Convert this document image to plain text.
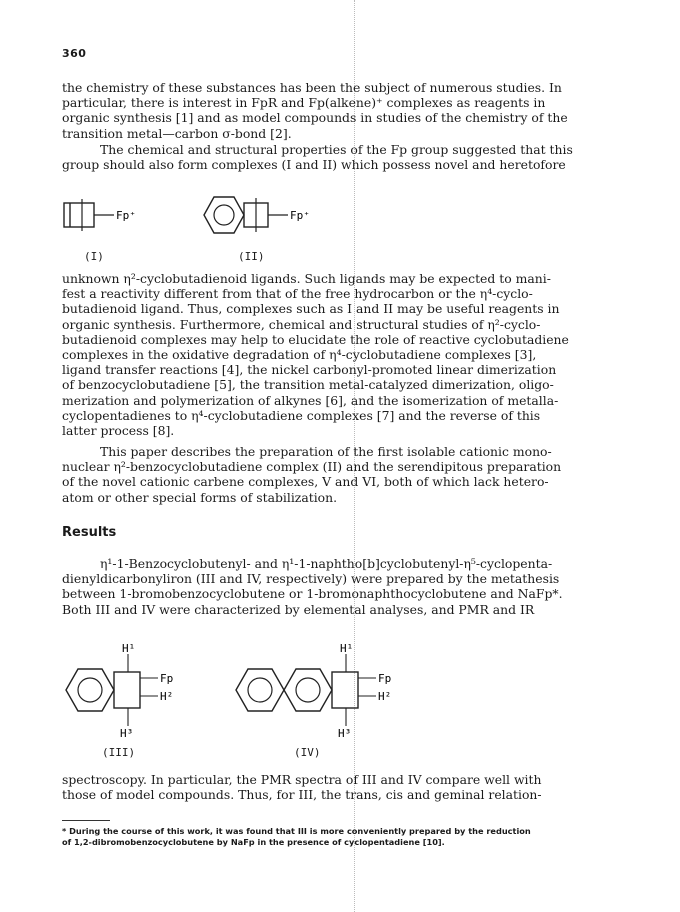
360

the chemistry of these substances has been the subject of numerous studies. In
particular, there is interest in FpR and Fp(alkene)⁺ complexes as reagents in
organic synthesis [1] and as model compounds in studies of the chemistry of the
transition metal—carbon σ-bond [2].

The chemical and structural properties of the Fp group suggested that this
group should also form complexes (I and II) which possess novel and heretofore

Fp⁺
(I)
Fp⁺
(II)

unknown η²-cyclobutadienoid ligands. Such ligands may be expected to mani-
fest a reactivity different from that of the free hydrocarbon or the η⁴-cyclo-
butadienoid ligand. Thus, complexes such as I and II may be useful reagents in
organic synthesis. Furthermore, chemical and structural studies of η²-cyclo-
butadienoid complexes may help to elucidate the role of reactive cyclobutadiene
complexes in the oxidative degradation of η⁴-cyclobutadiene complexes [3],
ligand transfer reactions [4], the nickel carbonyl-promoted linear dimerization
of benzocyclobutadiene [5], the transition metal-catalyzed dimerization, oligo-
merization and polymerization of alkynes [6], and the isomerization of metalla-
cyclopentadienes to η⁴-cyclobutadiene complexes [7] and the reverse of this
latter process [8].

This paper describes the preparation of the first isolable cationic mono-
nuclear η²-benzocyclobutadiene complex (II) and the serendipitous preparation
of the novel cationic carbene complexes, V and VI, both of which lack hetero-
atom or other special forms of stabilization.

Results

η¹-1-Benzocyclobutenyl- and η¹-1-naphtho[b]cyclobutenyl-η⁵-cyclopenta-
dienyldicarbonyliron (III and IV, respectively) were prepared by the metathesis
between 1-bromobenzocyclobutene or 1-bromonaphthocyclobutene and NaFp*.
Both III and IV were characterized by elemental analyses, and PMR and IR

H¹
Fp
H²
H³
(III)
H¹
Fp
H²
H³
(IV)

spectroscopy. In particular, the PMR spectra of III and IV compare well with
those of model compounds. Thus, for III, the trans, cis and geminal relation-

* During the course of this work, it was found that III is more conveniently prepared by the reduction
of 1,2-dibromobenzocyclobutene by NaFp in the presence of cyclopentadiene [10].
